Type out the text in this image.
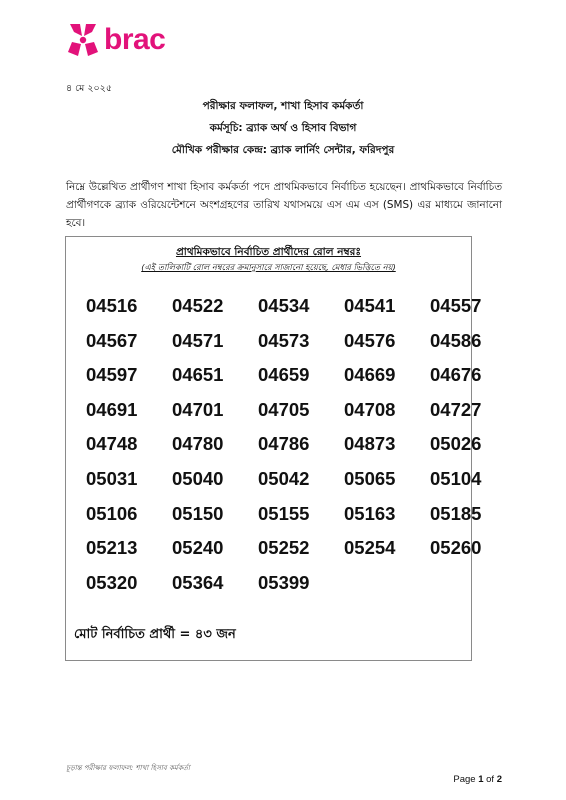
brac
৪ মে ২০২৫
পরীক্ষার ফলাফল, শাখা হিসাব কর্মকর্তা
কর্মসূচি: ব্র্যাক অর্থ ও হিসাব বিভাগ
মৌখিক পরীক্ষার কেন্দ্র: ব্র্যাক লার্নিং সেন্টার, ফরিদপুর
নিম্নে উল্লেখিত প্রার্থীগণ শাখা হিসাব কর্মকর্তা পদে প্রাথমিকভাবে নির্বাচিত হয়েছেন। প্রাথমিকভাবে নির্বাচিত প্রার্থীগণকে ব্র্যাক ওরিয়েন্টেশনে অংশগ্রহণের তারিখ যথাসময়ে এস এম এস (SMS) এর মাধ্যমে জানানো হবে।
প্রাথমিকভাবে নির্বাচিত প্রার্থীদের রোল নম্বরঃ
(এই তালিকাটি রোল নম্বরের ক্রমানুসারে সাজানো হয়েছে, মেধার ভিত্তিতে নয়)
04516	04522	04534	04541	04557
04567	04571	04573	04576	04586
04597	04651	04659	04669	04676
04691	04701	04705	04708	04727
04748	04780	04786	04873	05026
05031	05040	05042	05065	05104
05106	05150	05155	05163	05185
05213	05240	05252	05254	05260
05320	05364	05399
মোট নির্বাচিত প্রার্থী = ৪৩ জন
চূড়ান্ত পরীক্ষার ফলাফল: শাখা হিসাব কর্মকর্তা
Page 1 of 2
